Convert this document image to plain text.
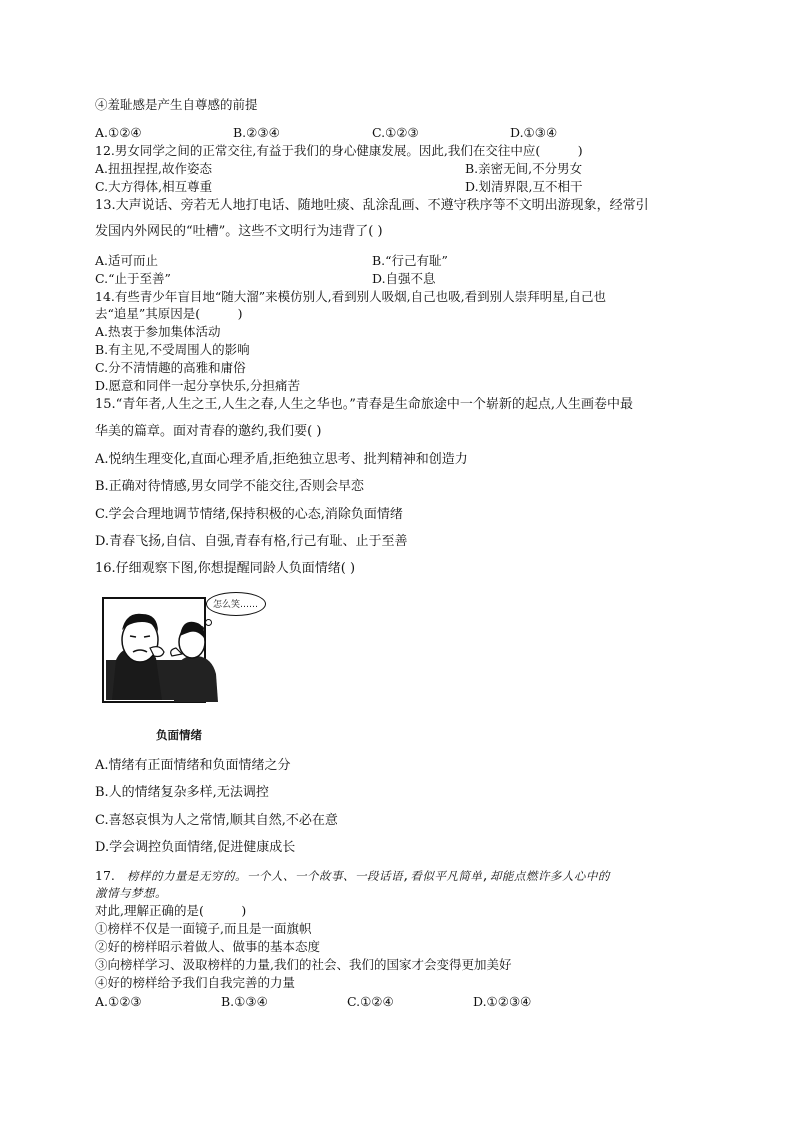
④羞耻感是产生自尊感的前提
A.①②④	B.②③④	C.①②③	D.①③④
12.男女同学之间的正常交往,有益于我们的身心健康发展。因此,我们在交往中应(　　　)
A.扭扭捏捏,故作姿态	B.亲密无间,不分男女
C.大方得体,相互尊重	D.划清界限,互不相干
13.大声说话、旁若无人地打电话、随地吐痰、乱涂乱画、不遵守秩序等不文明出游现象，经常引
发国内外网民的“吐槽”。这些不文明行为违背了( )
A.适可而止	B.“行己有耻”
C.“止于至善”	D.自强不息
14.有些青少年盲目地“随大溜”来模仿别人,看到别人吸烟,自己也吸,看到别人崇拜明星,自己也
去“追星”其原因是(　　　)
A.热衷于参加集体活动
B.有主见,不受周围人的影响
C.分不清情趣的高雅和庸俗
D.愿意和同伴一起分享快乐,分担痛苦
15.“青年者,人生之王,人生之春,人生之华也。”青春是生命旅途中一个崭新的起点,人生画卷中最
华美的篇章。面对青春的邀约,我们要( )
A.悦纳生理变化,直面心理矛盾,拒绝独立思考、批判精神和创造力
B.正确对待情感,男女同学不能交往,否则会早恋
C.学会合理地调节情绪,保持积极的心态,消除负面情绪
D.青春飞扬,自信、自强,青春有格,行己有耻、止于至善
16.仔细观察下图,你想提醒同龄人负面情绪( )
怎么笑……
负面情绪
A.情绪有正面情绪和负面情绪之分
B.人的情绪复杂多样,无法调控
C.喜怒哀惧为人之常情,顺其自然,不必在意
D.学会调控负面情绪,促进健康成长
17. 榜样的力量是无穷的。一个人、一个故事、一段话语,看似平凡简单,却能点燃许多人心中的
激情与梦想。
对此,理解正确的是(　　　)
①榜样不仅是一面镜子,而且是一面旗帜
②好的榜样昭示着做人、做事的基本态度
③向榜样学习、汲取榜样的力量,我们的社会、我们的国家才会变得更加美好
④好的榜样给予我们自我完善的力量
A.①②③	B.①③④	C.①②④	D.①②③④
